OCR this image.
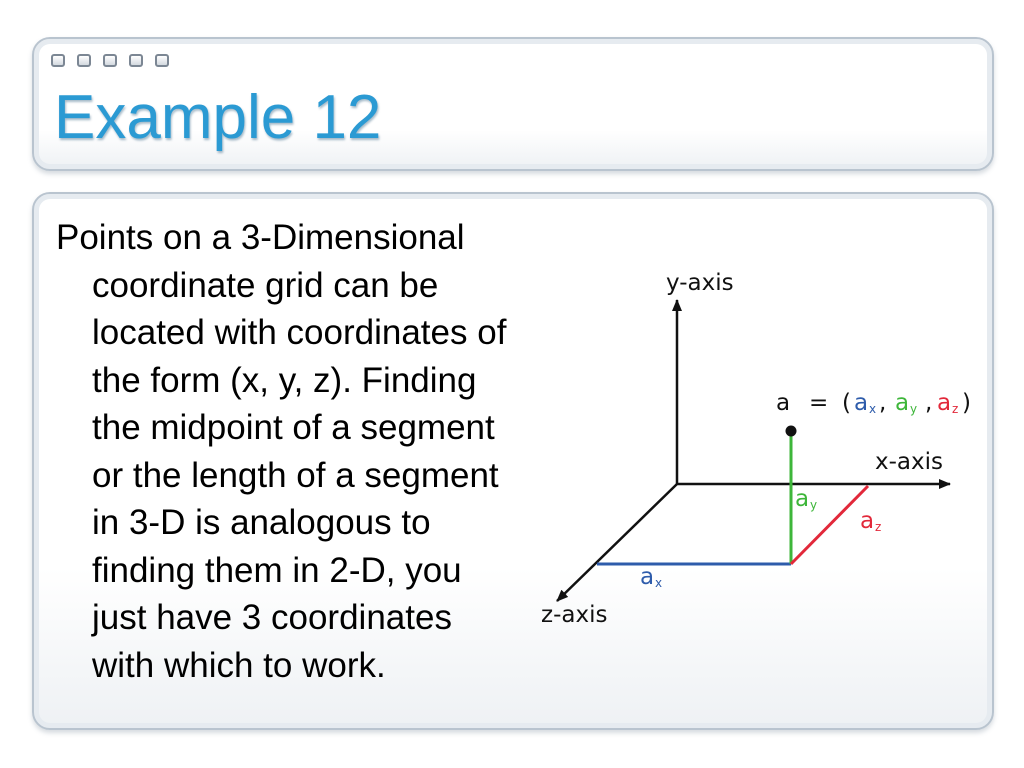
Example 12
Points on a 3-Dimensional
coordinate grid can be
located with coordinates of
the form (x, y, z). Finding
the midpoint of a segment
or the length of a segment
in 3-D is analogous to
finding them in 2-D, you
just have 3 coordinates
with which to work.
y-axis
x-axis
z-axis
a = ( a x , a y , a z )
a y
a z
a x
